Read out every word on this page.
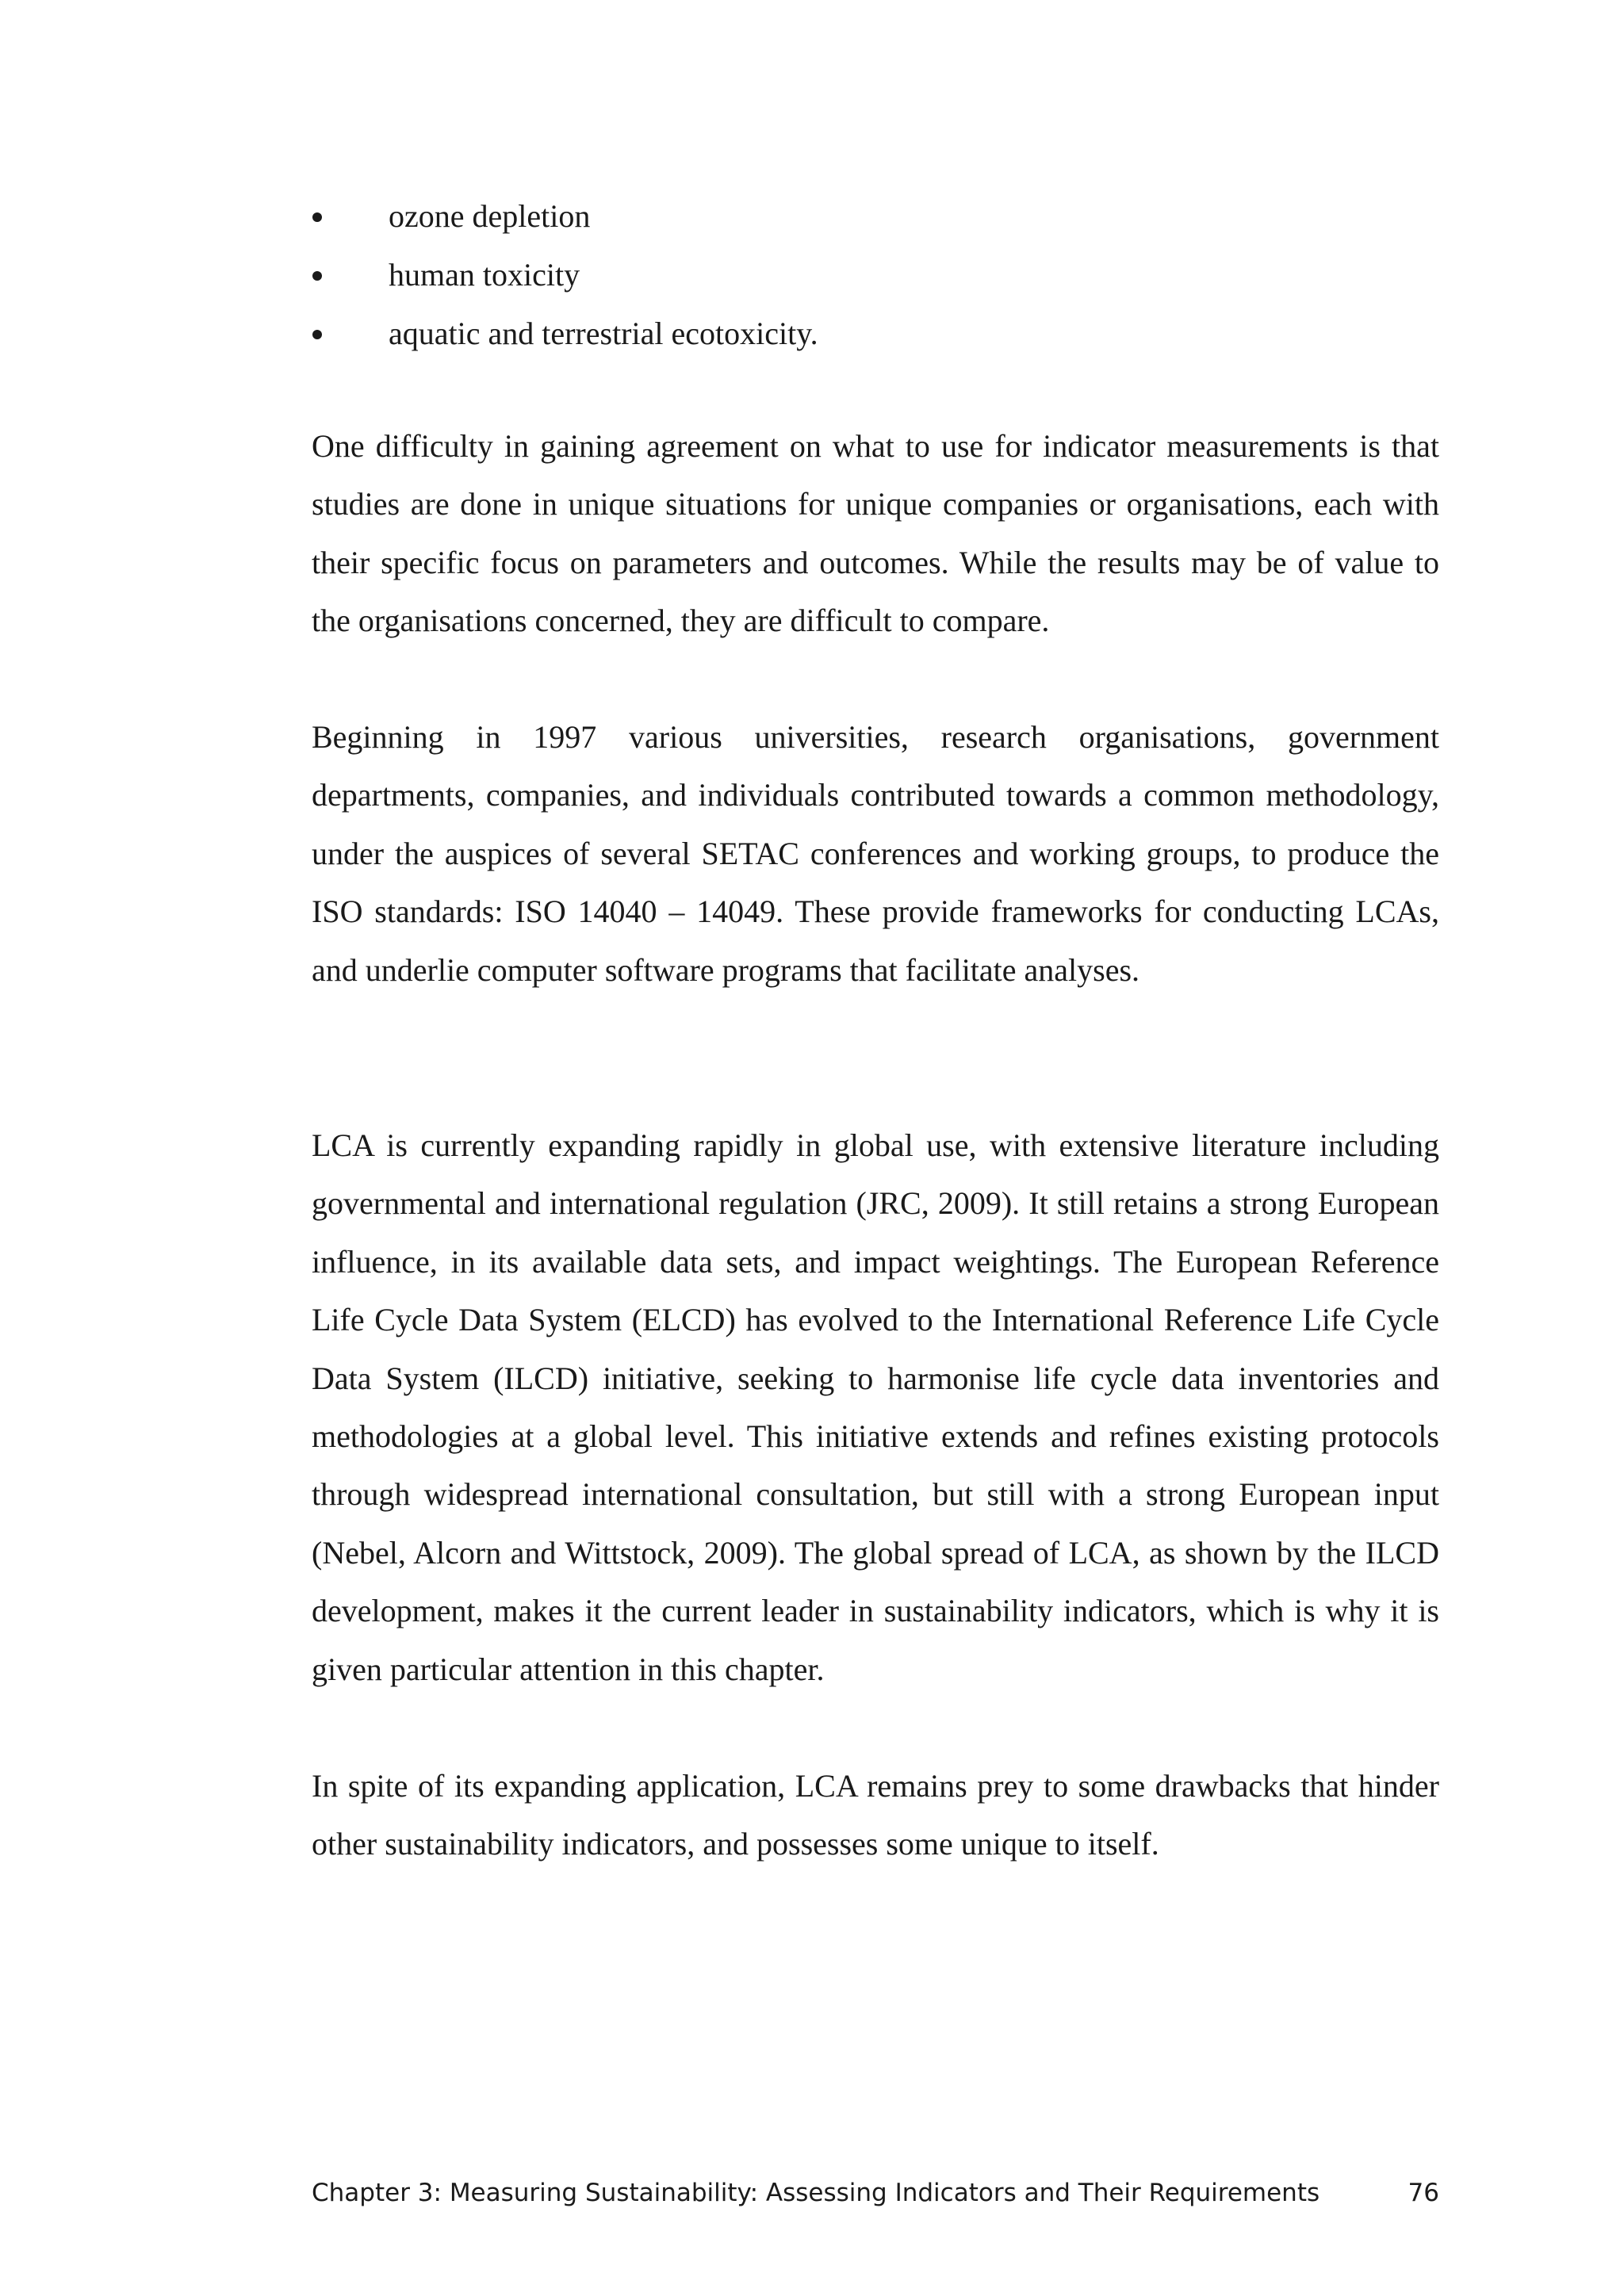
ozone depletion
human toxicity
aquatic and terrestrial ecotoxicity.

One difficulty in gaining agreement on what to use for indicator measurements is that studies are done in unique situations for unique companies or organisations, each with their specific focus on parameters and outcomes. While the results may be of value to the organisations concerned, they are difficult to compare.

Beginning in 1997 various universities, research organisations, government departments, companies, and individuals contributed towards a common methodology, under the auspices of several SETAC conferences and working groups, to produce the ISO standards: ISO 14040 – 14049. These provide frameworks for conducting LCAs, and underlie computer software programs that facilitate analyses.

LCA is currently expanding rapidly in global use, with extensive literature including governmental and international regulation (JRC, 2009). It still retains a strong European influence, in its available data sets, and impact weightings. The European Reference Life Cycle Data System (ELCD) has evolved to the International Reference Life Cycle Data System (ILCD) initiative, seeking to harmonise life cycle data inventories and methodologies at a global level. This initiative extends and refines existing protocols through widespread international consultation, but still with a strong European input (Nebel, Alcorn and Wittstock, 2009). The global spread of LCA, as shown by the ILCD development, makes it the current leader in sustainability indicators, which is why it is given particular attention in this chapter.

In spite of its expanding application, LCA remains prey to some drawbacks that hinder other sustainability indicators, and possesses some unique to itself.

Chapter 3: Measuring Sustainability: Assessing Indicators and Their Requirements	76
